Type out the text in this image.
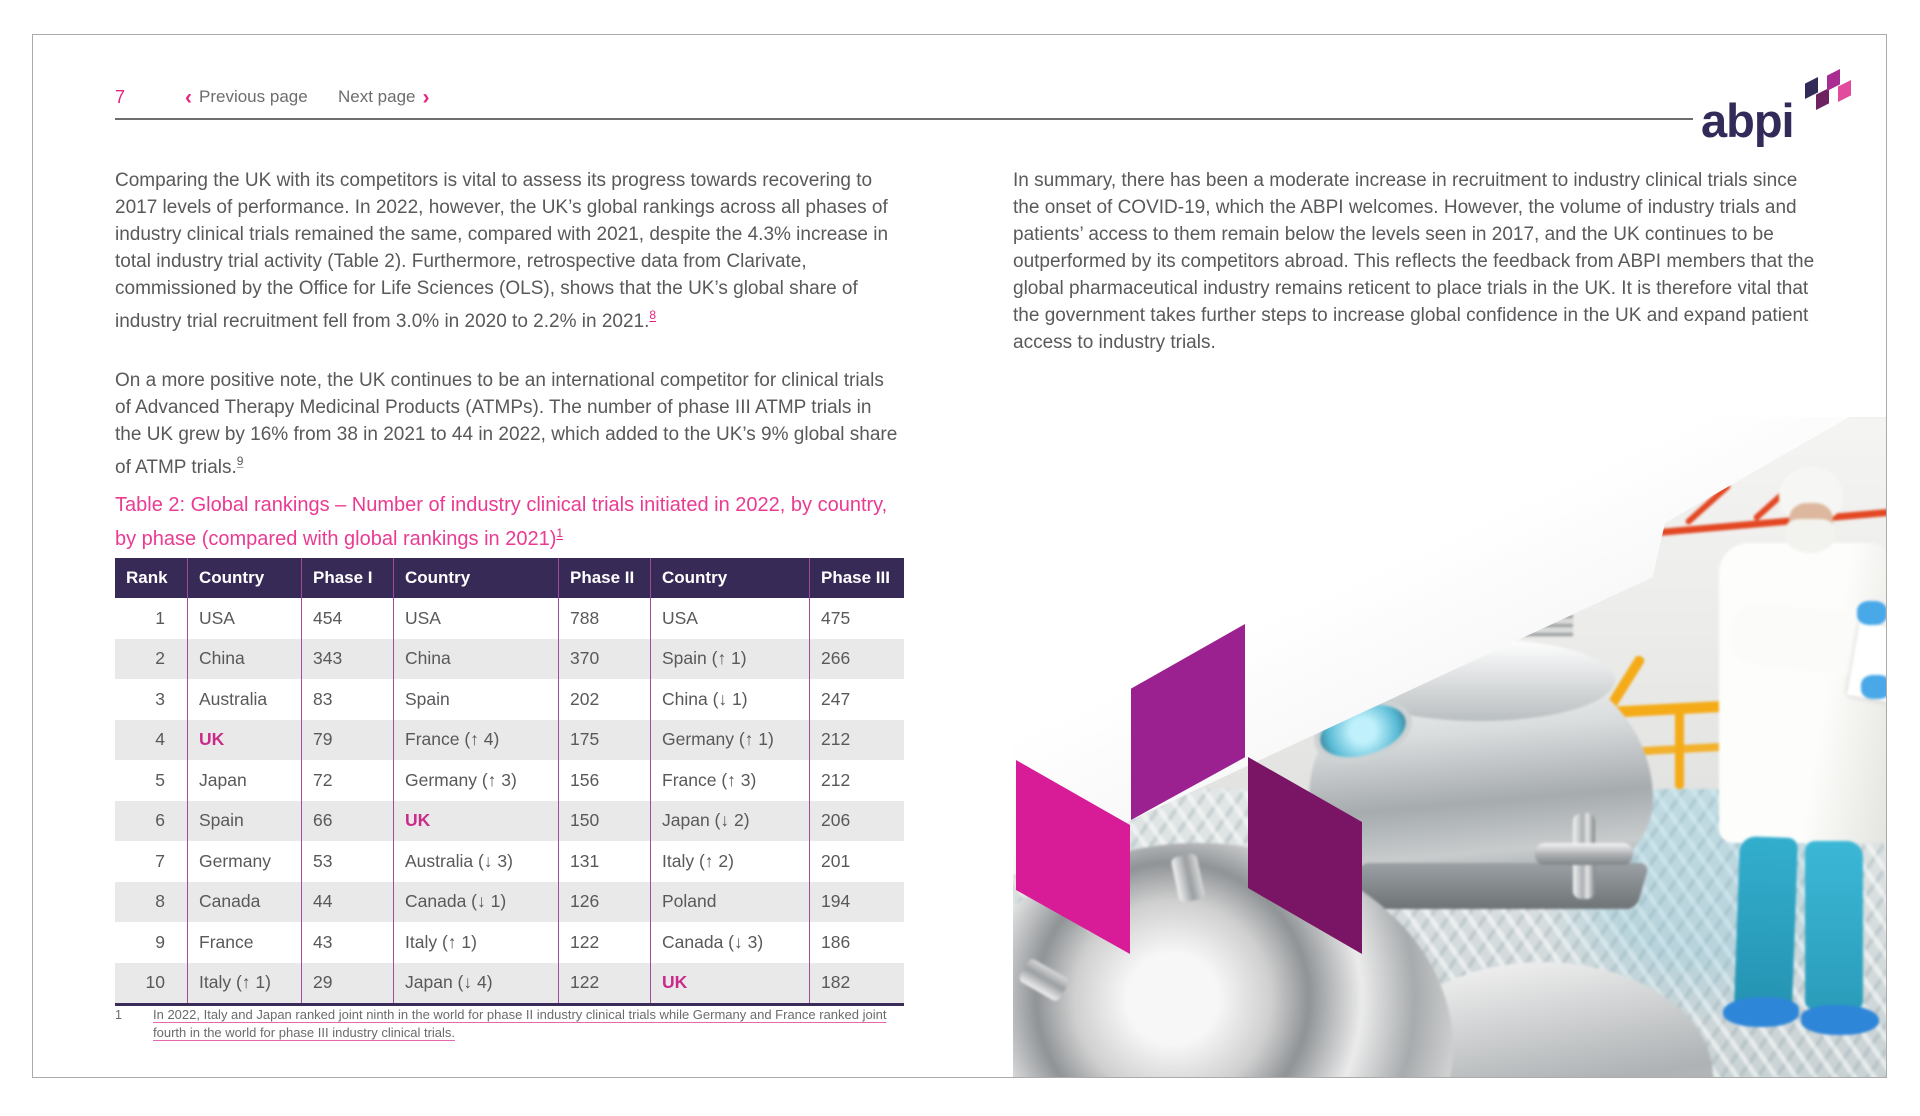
7	‹ Previous page Next page ›	abpi
Comparing the UK with its competitors is vital to assess its progress towards recovering to 2017 levels of performance. In 2022, however, the UK’s global rankings across all phases of industry clinical trials remained the same, compared with 2021, despite the 4.3% increase in total industry trial activity (Table 2). Furthermore, retrospective data from Clarivate, commissioned by the Office for Life Sciences (OLS), shows that the UK’s global share of industry trial recruitment fell from 3.0% in 2020 to 2.2% in 2021.$^8$
On a more positive note, the UK continues to be an international competitor for clinical trials of Advanced Therapy Medicinal Products (ATMPs). The number of phase III ATMP trials in the UK grew by 16% from 38 in 2021 to 44 in 2022, which added to the UK’s 9% global share of ATMP trials.$^9$
Table 2: Global rankings – Number of industry clinical trials initiated in 2022, by country, by phase (compared with global rankings in 2021)$^1$
Rank	Country	Phase I	Country	Phase II	Country	Phase III
1	USA	454	USA	788	USA	475
2	China	343	China	370	Spain (↑ 1)	266
3	Australia	83	Spain	202	China (↓ 1)	247
4	UK	79	France (↑ 4)	175	Germany (↑ 1)	212
5	Japan	72	Germany (↑ 3)	156	France (↑ 3)	212
6	Spain	66	UK	150	Japan (↓ 2)	206
7	Germany	53	Australia (↓ 3)	131	Italy (↑ 2)	201
8	Canada	44	Canada (↓ 1)	126	Poland	194
9	France	43	Italy (↑ 1)	122	Canada (↓ 3)	186
10	Italy (↑ 1)	29	Japan (↓ 4)	122	UK	182
1	In 2022, Italy and Japan ranked joint ninth in the world for phase II industry clinical trials while Germany and France ranked joint fourth in the world for phase III industry clinical trials.
In summary, there has been a moderate increase in recruitment to industry clinical trials since the onset of COVID-19, which the ABPI welcomes. However, the volume of industry trials and patients’ access to them remain below the levels seen in 2017, and the UK continues to be outperformed by its competitors abroad. This reflects the feedback from ABPI members that the global pharmaceutical industry remains reticent to place trials in the UK. It is therefore vital that the government takes further steps to increase global confidence in the UK and expand patient access to industry trials.
